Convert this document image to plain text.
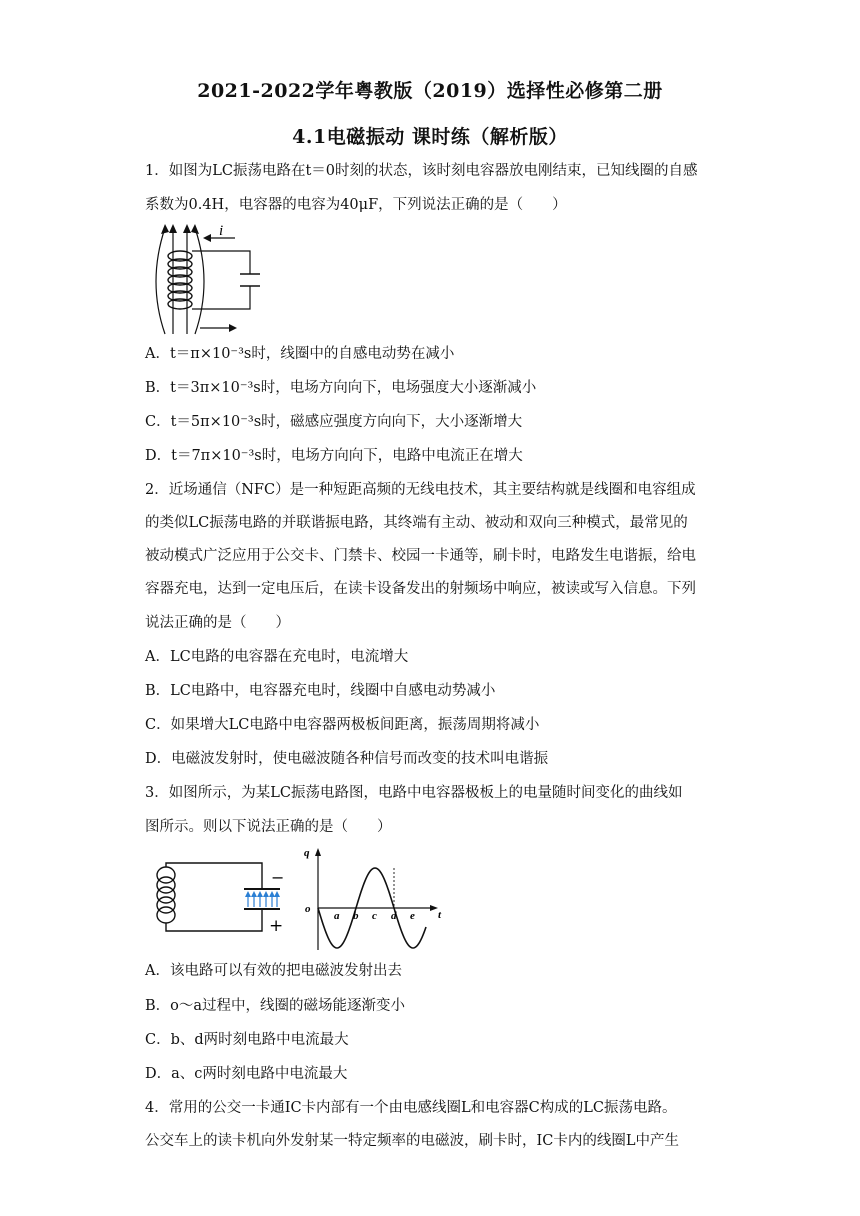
2021-2022学年粤教版（2019）选择性必修第二册
4.1电磁振动 课时练（解析版）
1．如图为LC振荡电路在t＝0时刻的状态，该时刻电容器放电刚结束，已知线圈的自感
系数为0.4H，电容器的电容为40μF，下列说法正确的是（　　）
i
A．t＝π×10⁻³s时，线圈中的自感电动势在减小
B．t＝3π×10⁻³s时，电场方向向下，电场强度大小逐渐减小
C．t＝5π×10⁻³s时，磁感应强度方向向下，大小逐渐增大
D．t＝7π×10⁻³s时，电场方向向下，电路中电流正在增大
2．近场通信（NFC）是一种短距高频的无线电技术，其主要结构就是线圈和电容组成
的类似LC振荡电路的并联谐振电路，其终端有主动、被动和双向三种模式，最常见的
被动模式广泛应用于公交卡、门禁卡、校园一卡通等，刷卡时，电路发生电谐振，给电
容器充电，达到一定电压后，在读卡设备发出的射频场中响应，被读或写入信息。下列
说法正确的是（　　）
A．LC电路的电容器在充电时，电流增大
B．LC电路中，电容器充电时，线圈中自感电动势减小
C．如果增大LC电路中电容器两极板间距离，振荡周期将减小
D．电磁波发射时，使电磁波随各种信号而改变的技术叫电谐振
3．如图所示，为某LC振荡电路图，电路中电容器极板上的电量随时间变化的曲线如
图所示。则以下说法正确的是（　　）
−
+
q
t
o
a b c d e
A．该电路可以有效的把电磁波发射出去
B．o～a过程中，线圈的磁场能逐渐变小
C．b、d两时刻电路中电流最大
D．a、c两时刻电路中电流最大
4．常用的公交一卡通IC卡内部有一个由电感线圈L和电容器C构成的LC振荡电路。
公交车上的读卡机向外发射某一特定频率的电磁波，刷卡时，IC卡内的线圈L中产生
